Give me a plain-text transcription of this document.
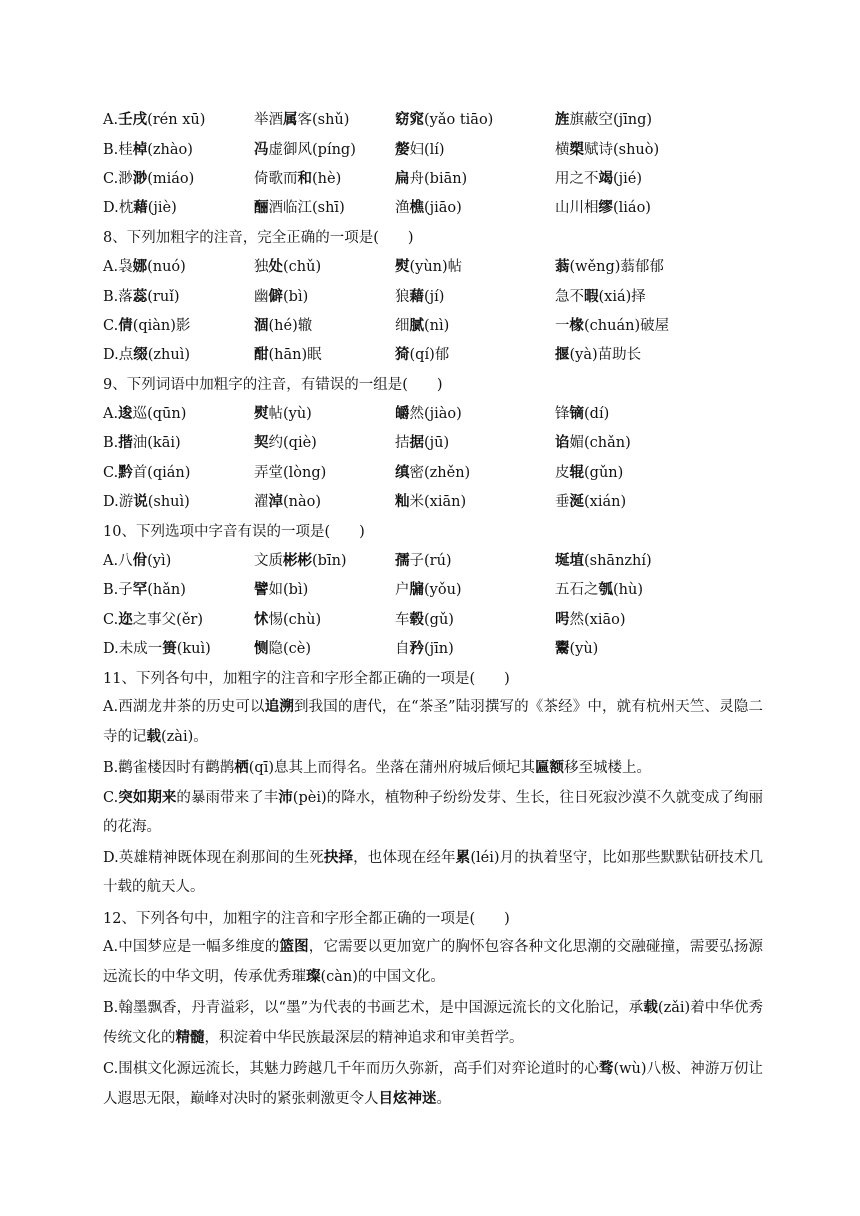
A.壬戌(rén xū)	举酒属客(shǔ)	窈窕(yǎo tiāo)	旌旗蔽空(jīng)
B.桂棹(zhào)	冯虚御风(píng)	嫠妇(lí)	横槊赋诗(shuò)
C.渺渺(miáo)	倚歌而和(hè)	扁舟(biān)	用之不竭(jié)
D.枕藉(jiè)	酾酒临江(shī)	渔樵(jiāo)	山川相缪(liáo)
8、下列加粗字的注音，完全正确的一项是(　　)
A.袅娜(nuó)	独处(chǔ)	熨(yùn)帖	蓊(wěng)蓊郁郁
B.落蕊(ruǐ)	幽僻(bì)	狼藉(jí)	急不暇(xiá)择
C.倩(qiàn)影	涸(hé)辙	细腻(nì)	一椽(chuán)破屋
D.点缀(zhuì)	酣(hān)眠	猗(qí)郁	揠(yà)苗助长
9、下列词语中加粗字的注音，有错误的一组是(　　)
A.逡巡(qūn)	熨帖(yù)	皭然(jiào)	锋镝(dí)
B.揩油(kāi)	契约(qiè)	拮据(jū)	谄媚(chǎn)
C.黔首(qián)	弄堂(lòng)	缜密(zhěn)	皮辊(gǔn)
D.游说(shuì)	濯淖(nào)	籼米(xiān)	垂涎(xián)
10、下列选项中字音有误的一项是(　　)
A.八佾(yì)	文质彬彬(bīn)	孺子(rú)	埏埴(shānzhí)
B.子罕(hǎn)	譬如(bì)	户牖(yǒu)	五石之瓠(hù)
C.迩之事父(ěr)	怵惕(chù)	车毂(gǔ)	呺然(xiāo)
D.未成一篑(kuì)	恻隐(cè)	自矜(jīn)	鬻(yù)
11、下列各句中，加粗字的注音和字形全都正确的一项是(　　)
A.西湖龙井茶的历史可以追溯到我国的唐代，在“茶圣”陆羽撰写的《茶经》中，就有杭州天竺、灵隐二寺的记载(zài)。
B.鹳雀楼因时有鹳鹊栖(qī)息其上而得名。坐落在蒲州府城后倾圮其匾额移至城楼上。
C.突如期来的暴雨带来了丰沛(pèi)的降水，植物种子纷纷发芽、生长，往日死寂沙漠不久就变成了绚丽的花海。
D.英雄精神既体现在刹那间的生死抉择，也体现在经年累(léi)月的执着坚守，比如那些默默钻研技术几十载的航天人。
12、下列各句中，加粗字的注音和字形全都正确的一项是(　　)
A.中国梦应是一幅多维度的篮图，它需要以更加宽广的胸怀包容各种文化思潮的交融碰撞，需要弘扬源远流长的中华文明，传承优秀璀璨(càn)的中国文化。
B.翰墨飘香，丹青溢彩，以“墨”为代表的书画艺术，是中国源远流长的文化胎记，承载(zǎi)着中华优秀传统文化的精髓，积淀着中华民族最深层的精神追求和审美哲学。
C.围棋文化源远流长，其魅力跨越几千年而历久弥新，高手们对弈论道时的心骛(wù)八极、神游万仞让人遐思无限，巅峰对决时的紧张刺激更令人目炫神迷。
